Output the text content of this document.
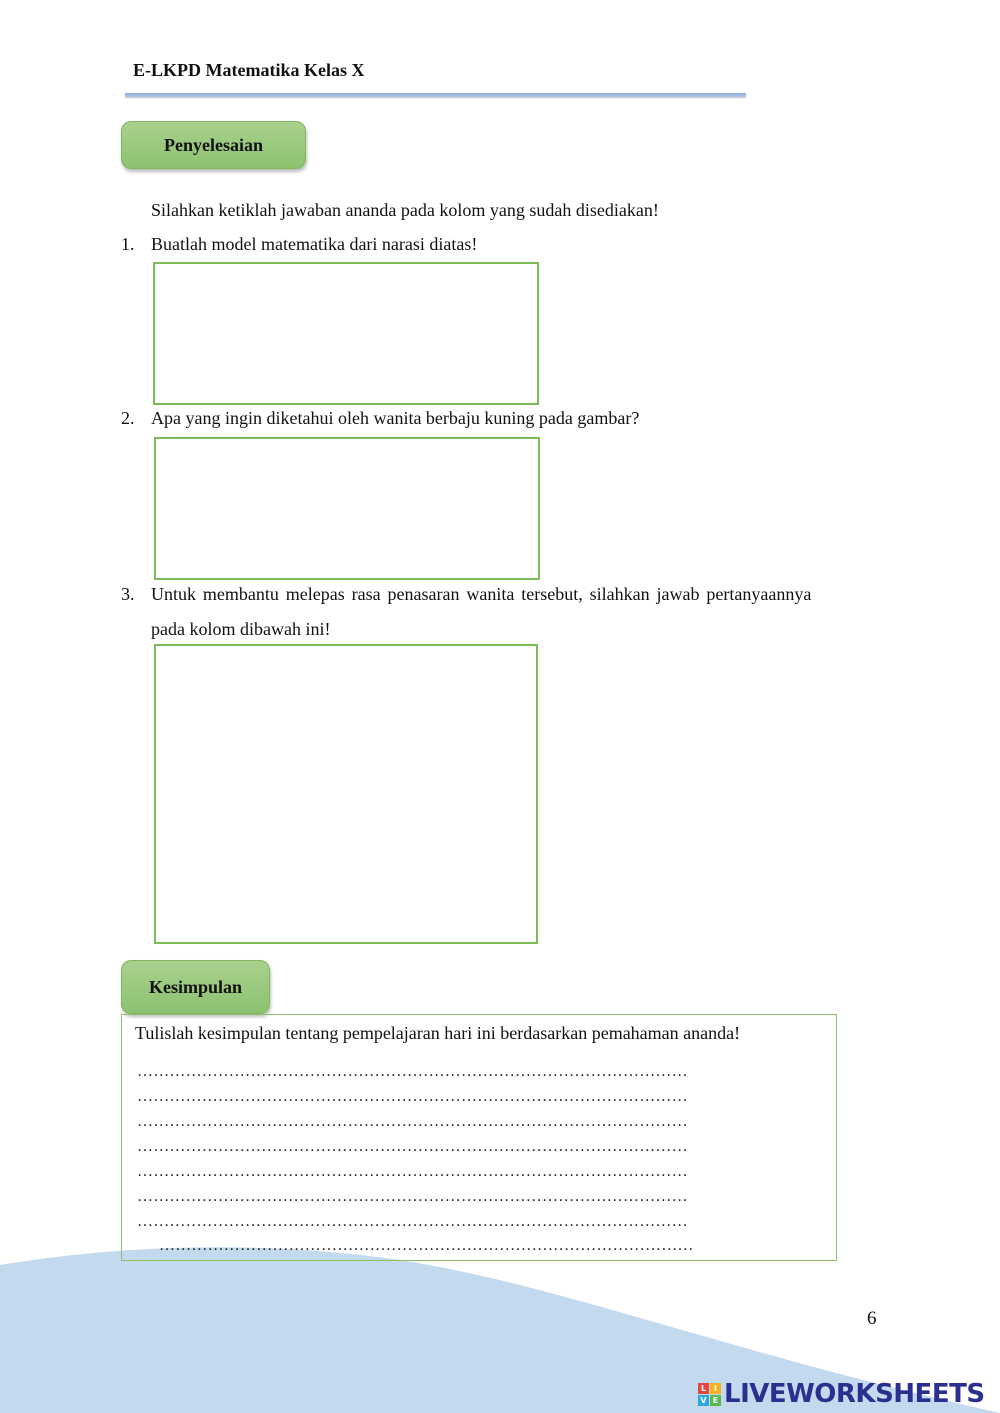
E-LKPD Matematika Kelas X
Penyelesaian
Silahkan ketiklah jawaban ananda pada kolom yang sudah disediakan!
1. Buatlah model matematika dari narasi diatas!
2. Apa yang ingin diketahui oleh wanita berbaju kuning pada gambar?
3. Untuk membantu melepas rasa penasaran wanita tersebut, silahkan jawab pertanyaannya
pada kolom dibawah ini!
Kesimpulan
Tulislah kesimpulan tentang pempelajaran hari ini berdasarkan pemahaman ananda!
…………………………………………………………………………………………
…………………………………………………………………………………………
…………………………………………………………………………………………
…………………………………………………………………………………………
…………………………………………………………………………………………
…………………………………………………………………………………………
…………………………………………………………………………………………
………………………………………………………………………………………
6
L I
V E LIVEWORKSHEETS
